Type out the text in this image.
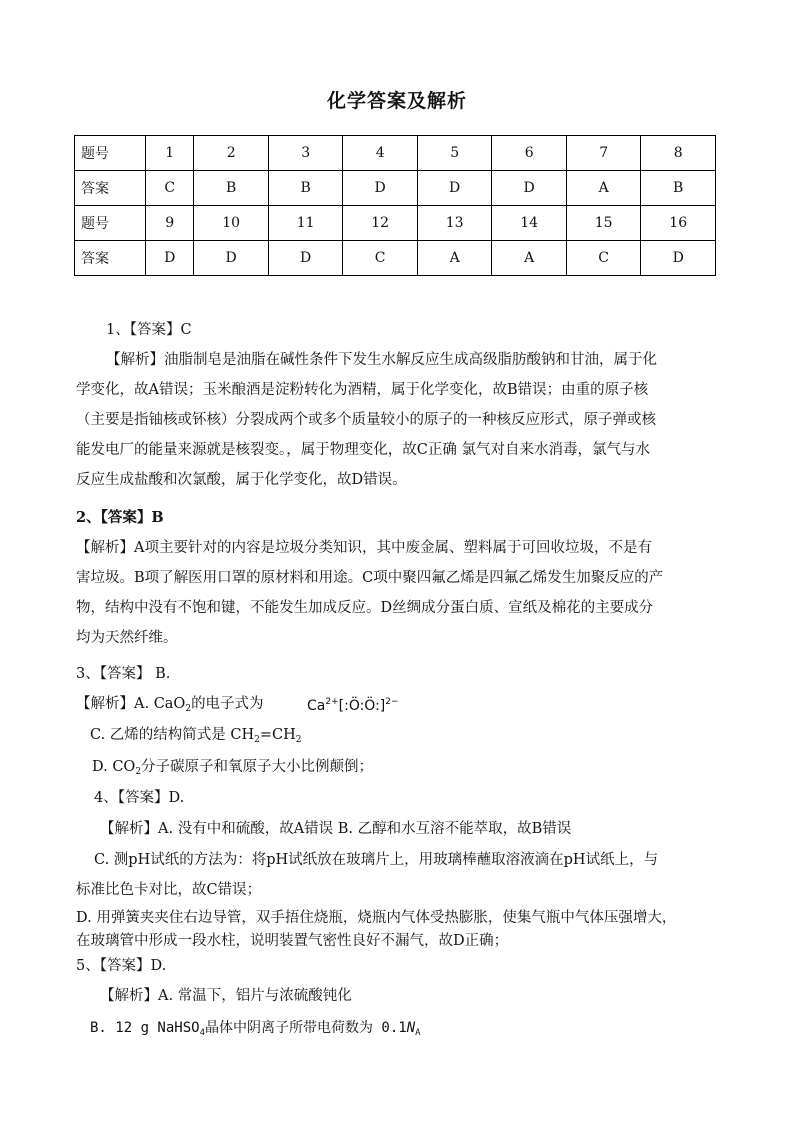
化学答案及解析
题号	1	2	3	4	5	6	7	8
答案	C	B	B	D	D	D	A	B
题号	9	10	11	12	13	14	15	16
答案	D	D	D	C	A	A	C	D
1、【答案】C
【解析】油脂制皂是油脂在碱性条件下发生水解反应生成高级脂肪酸钠和甘油，属于化
学变化，故A错误；玉米酿酒是淀粉转化为酒精，属于化学变化，故B错误；由重的原子核
（主要是指铀核或钚核）分裂成两个或多个质量较小的原子的一种核反应形式，原子弹或核
能发电厂的能量来源就是核裂变。，属于物理变化，故C正确 氯气对自来水消毒，氯气与水
反应生成盐酸和次氯酸，属于化学变化，故D错误。
2、【答案】B
【解析】A项主要针对的内容是垃圾分类知识，其中废金属、塑料属于可回收垃圾，不是有
害垃圾。B项了解医用口罩的原材料和用途。C项中聚四氟乙烯是四氟乙烯发生加聚反应的产
物，结构中没有不饱和键，不能发生加成反应。D丝绸成分蛋白质、宣纸及棉花的主要成分
均为天然纤维。
3、【答案】 B.
【解析】A. CaO$_2$的电子式为	$Ca^{2+}[:Ö:Ö:]^{2-}$
C. 乙烯的结构简式是 $CH_2=CH_2$
D. $CO_2$分子碳原子和氧原子大小比例颠倒；
4、【答案】D.
【解析】A. 没有中和硫酸，故A错误 B. 乙醇和水互溶不能萃取，故B错误
C. 测pH试纸的方法为：将pH试纸放在玻璃片上，用玻璃棒蘸取溶液滴在pH试纸上，与
标准比色卡对比，故C错误；
D. 用弹簧夹夹住右边导管，双手捂住烧瓶，烧瓶内气体受热膨胀，使集气瓶中气体压强增大，
在玻璃管中形成一段水柱，说明装置气密性良好不漏气，故D正确；
5、【答案】D.
【解析】A. 常温下，铝片与浓硫酸钝化
B. 12 g NaHSO$_4$晶体中阴离子所带电荷数为 $0.1N_A$
